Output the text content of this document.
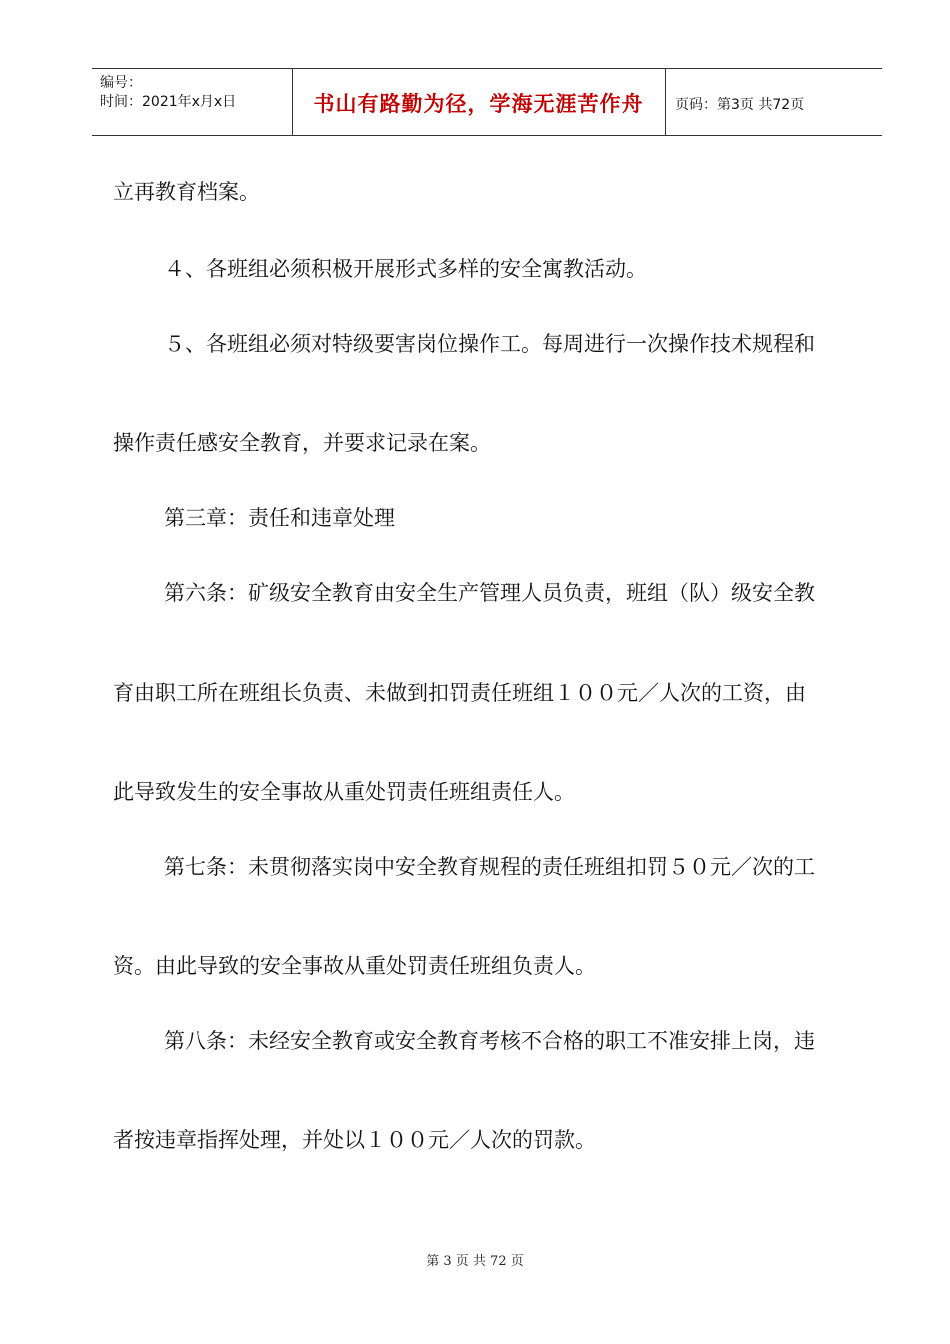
编号：
时间：2021年x月x日	书山有路勤为径，学海无涯苦作舟	页码：第3页 共72页
立再教育档案。
４、各班组必须积极开展形式多样的安全寓教活动。
５、各班组必须对特级要害岗位操作工。每周进行一次操作技术规程和
操作责任感安全教育，并要求记录在案。
第三章：责任和违章处理
第六条：矿级安全教育由安全生产管理人员负责，班组（队）级安全教
育由职工所在班组长负责、未做到扣罚责任班组１００元／人次的工资，由
此导致发生的安全事故从重处罚责任班组责任人。
第七条：未贯彻落实岗中安全教育规程的责任班组扣罚５０元／次的工
资。由此导致的安全事故从重处罚责任班组负责人。
第八条：未经安全教育或安全教育考核不合格的职工不准安排上岗，违
者按违章指挥处理，并处以１００元／人次的罚款。
第 3 页 共 72 页
